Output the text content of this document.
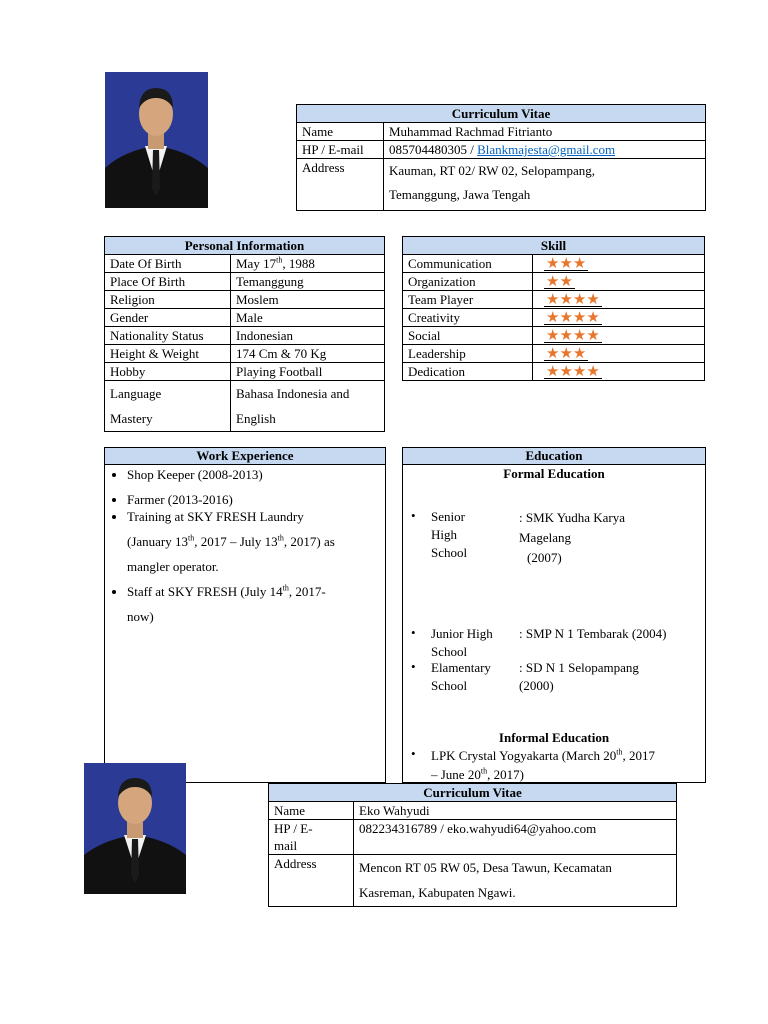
Curriculum Vitae	
Name	Muhammad Rachmad Fitrianto
HP / E-mail	085704480305 / Blankmajesta@gmail.com
Address	Kauman, RT 02/ RW 02, Selopampang,
Temanggung, Jawa Tengah
Personal Information	
Date Of Birth	May 17th, 1988
Place Of Birth	Temanggung
Religion	Moslem
Gender	Male
Nationality Status	Indonesian
Height & Weight	174 Cm & 70 Kg
Hobby	Playing Football
Language
Mastery	Bahasa Indonesia and
English
Skill	
Communication	★★★
Organization	★★
Team Player	★★★★
Creativity	★★★★
Social	★★★★
Leadership	★★★
Dedication	★★★★
Work Experience
• Shop Keeper (2008-2013)
• Farmer (2013-2016)
• Training at SKY FRESH Laundry
(January 13th, 2017 – July 13th, 2017) as
mangler operator.
• Staff at SKY FRESH (July 14th, 2017-
now)
Education
Formal Education
• Senior
High
School
: SMK Yudha Karya
Magelang
(2007)
• Junior High
School
: SMP N 1 Tembarak (2004)
• Elamentary
School
: SD N 1 Selopampang
(2000)
Informal Education
• LPK Crystal Yogyakarta (March 20th, 2017
– June 20th, 2017)
Curriculum Vitae	
Name	Eko Wahyudi
HP / E-
mail	082234316789 / eko.wahyudi64@yahoo.com
Address	Mencon RT 05 RW 05, Desa Tawun, Kecamatan
Kasreman, Kabupaten Ngawi.
